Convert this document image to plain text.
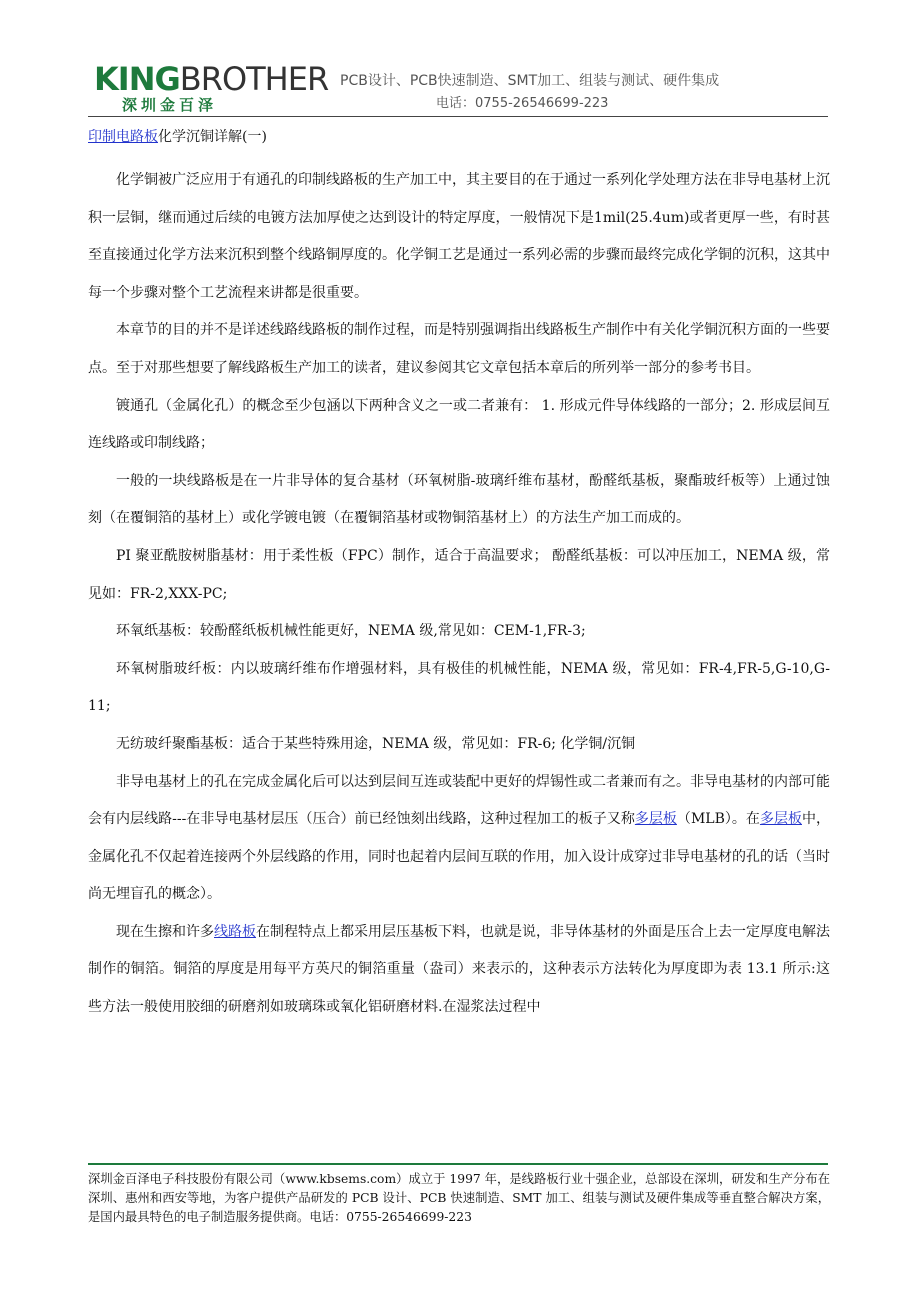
KINGBROTHER
深圳金百泽
PCB设计、PCB快速制造、SMT加工、组装与测试、硬件集成
电话：0755-26546699-223
印制电路板化学沉铜详解(一)

化学铜被广泛应用于有通孔的印制线路板的生产加工中，其主要目的在于通过一系列化学处理方法在非导电基材上沉积一层铜，继而通过后续的电镀方法加厚使之达到设计的特定厚度，一般情况下是1mil(25.4um)或者更厚一些，有时甚至直接通过化学方法来沉积到整个线路铜厚度的。化学铜工艺是通过一系列必需的步骤而最终完成化学铜的沉积，这其中每一个步骤对整个工艺流程来讲都是很重要。

本章节的目的并不是详述线路线路板的制作过程，而是特别强调指出线路板生产制作中有关化学铜沉积方面的一些要点。至于对那些想要了解线路板生产加工的读者，建议参阅其它文章包括本章后的所列举一部分的参考书目。

镀通孔（金属化孔）的概念至少包涵以下两种含义之一或二者兼有： 1. 形成元件导体线路的一部分；2. 形成层间互连线路或印制线路；

一般的一块线路板是在一片非导体的复合基材（环氧树脂-玻璃纤维布基材，酚醛纸基板，聚酯玻纤板等）上通过蚀刻（在覆铜箔的基材上）或化学镀电镀（在覆铜箔基材或物铜箔基材上）的方法生产加工而成的。

PI 聚亚酰胺树脂基材：用于柔性板（FPC）制作，适合于高温要求； 酚醛纸基板：可以冲压加工，NEMA 级，常见如：FR-2,XXX-PC;

环氧纸基板：较酚醛纸板机械性能更好，NEMA 级,常见如：CEM-1,FR-3;

环氧树脂玻纤板：内以玻璃纤维布作增强材料，具有极佳的机械性能，NEMA 级，常见如：FR-4,FR-5,G-10,G-11;

无纺玻纤聚酯基板：适合于某些特殊用途，NEMA 级，常见如：FR-6; 化学铜/沉铜

非导电基材上的孔在完成金属化后可以达到层间互连或装配中更好的焊锡性或二者兼而有之。非导电基材的内部可能会有内层线路---在非导电基材层压（压合）前已经蚀刻出线路，这种过程加工的板子又称多层板（MLB）。在多层板中，金属化孔不仅起着连接两个外层线路的作用，同时也起着内层间互联的作用，加入设计成穿过非导电基材的孔的话（当时尚无埋盲孔的概念）。

现在生擦和许多线路板在制程特点上都采用层压基板下料，也就是说，非导体基材的外面是压合上去一定厚度电解法制作的铜箔。铜箔的厚度是用每平方英尺的铜箔重量（盎司）来表示的，这种表示方法转化为厚度即为表 13.1 所示:这些方法一般使用胶细的研磨剂如玻璃珠或氧化铝研磨材料.在湿浆法过程中

深圳金百泽电子科技股份有限公司（www.kbsems.com）成立于 1997 年，是线路板行业十强企业，总部设在深圳，研发和生产分布在深圳、惠州和西安等地，为客户提供产品研发的 PCB 设计、PCB 快速制造、SMT 加工、组装与测试及硬件集成等垂直整合解决方案，是国内最具特色的电子制造服务提供商。电话：0755-26546699-223
